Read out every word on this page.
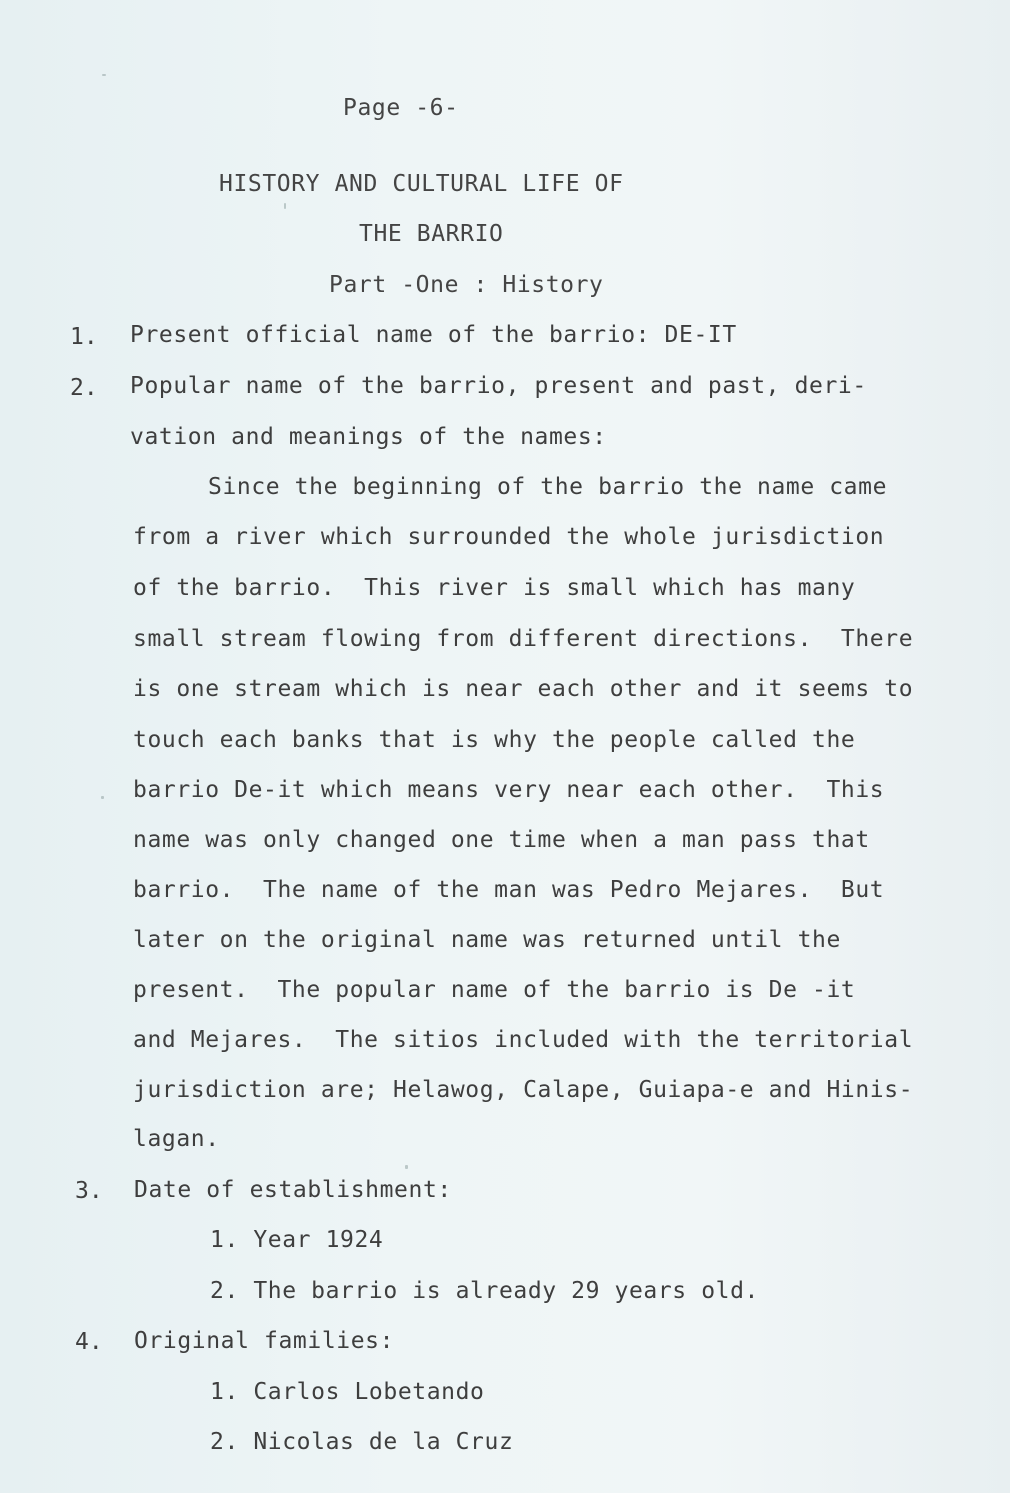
Page -6-
HISTORY AND CULTURAL LIFE OF
THE BARRIO
Part -One : History
1. Present official name of the barrio: DE-IT
2. Popular name of the barrio, present and past, deri-
vation and meanings of the names:
Since the beginning of the barrio the name came
from a river which surrounded the whole jurisdiction
of the barrio.  This river is small which has many
small stream flowing from different directions.  There
is one stream which is near each other and it seems to
touch each banks that is why the people called the
barrio De-it which means very near each other.  This
name was only changed one time when a man pass that
barrio.  The name of the man was Pedro Mejares.  But
later on the original name was returned until the
present.  The popular name of the barrio is De -it
and Mejares.  The sitios included with the territorial
jurisdiction are; Helawog, Calape, Guiapa-e and Hinis-
lagan.
3. Date of establishment:
1. Year 1924
2. The barrio is already 29 years old.
4. Original families:
1. Carlos Lobetando
2. Nicolas de la Cruz
